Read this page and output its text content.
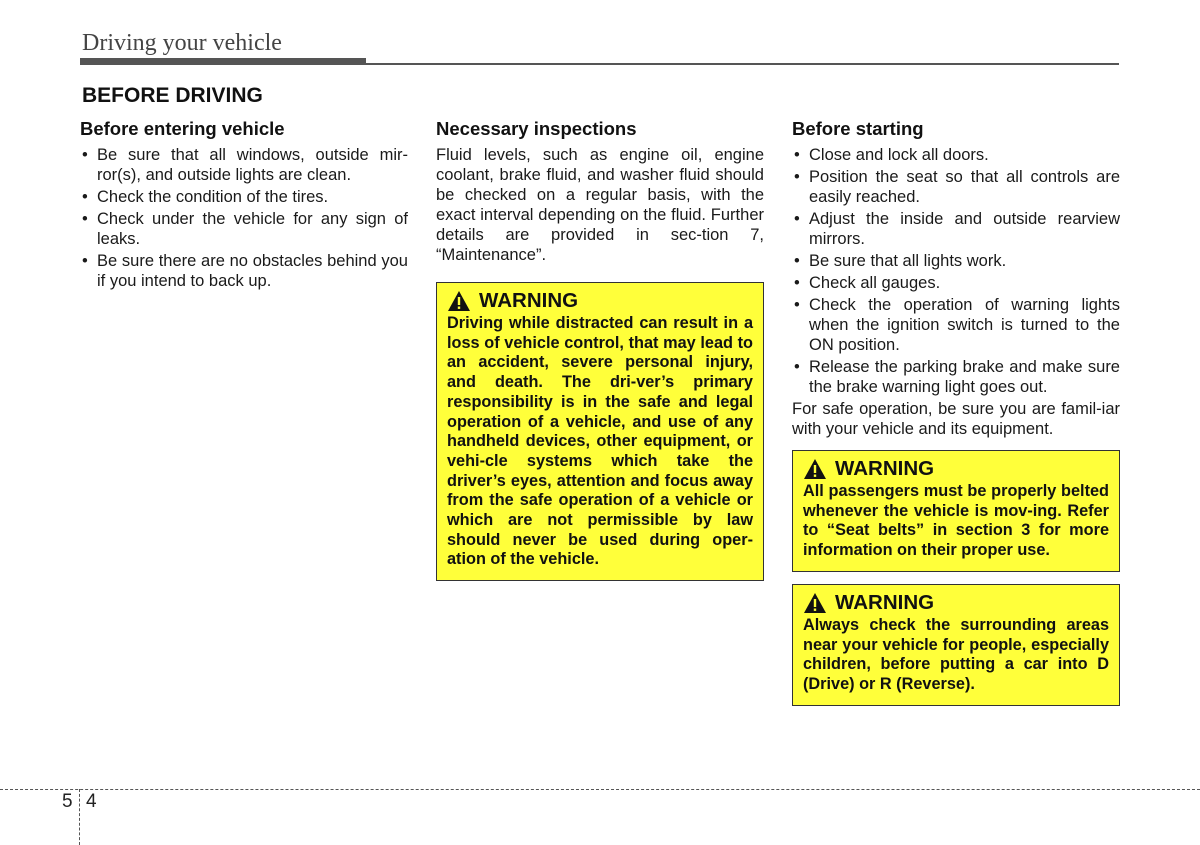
Driving your vehicle
BEFORE DRIVING
Before entering vehicle
• Be sure that all windows, outside mir-ror(s), and outside lights are clean.
• Check the condition of the tires.
• Check under the vehicle for any sign of leaks.
• Be sure there are no obstacles behind you if you intend to back up.
Necessary inspections

Fluid levels, such as engine oil, engine coolant, brake fluid, and washer fluid should be checked on a regular basis, with the exact interval depending on the fluid. Further details are provided in sec-tion 7, “Maintenance”.

WARNING
Driving while distracted can result in a loss of vehicle control, that may lead to an accident, severe personal injury, and death. The dri-ver’s primary responsibility is in the safe and legal operation of a vehicle, and use of any handheld devices, other equipment, or vehi-cle systems which take the driver’s eyes, attention and focus away from the safe operation of a vehicle or which are not permissible by law should never be used during oper-ation of the vehicle.
Before starting
• Close and lock all doors.
• Position the seat so that all controls are easily reached.
• Adjust the inside and outside rearview mirrors.
• Be sure that all lights work.
• Check all gauges.
• Check the operation of warning lights when the ignition switch is turned to the ON position.
• Release the parking brake and make sure the brake warning light goes out.

For safe operation, be sure you are famil-iar with your vehicle and its equipment.

WARNING
All passengers must be properly belted whenever the vehicle is mov-ing. Refer to “Seat belts” in section 3 for more information on their proper use.
WARNING
Always check the surrounding areas near your vehicle for people, especially children, before putting a car into D (Drive) or R (Reverse).
5 4
